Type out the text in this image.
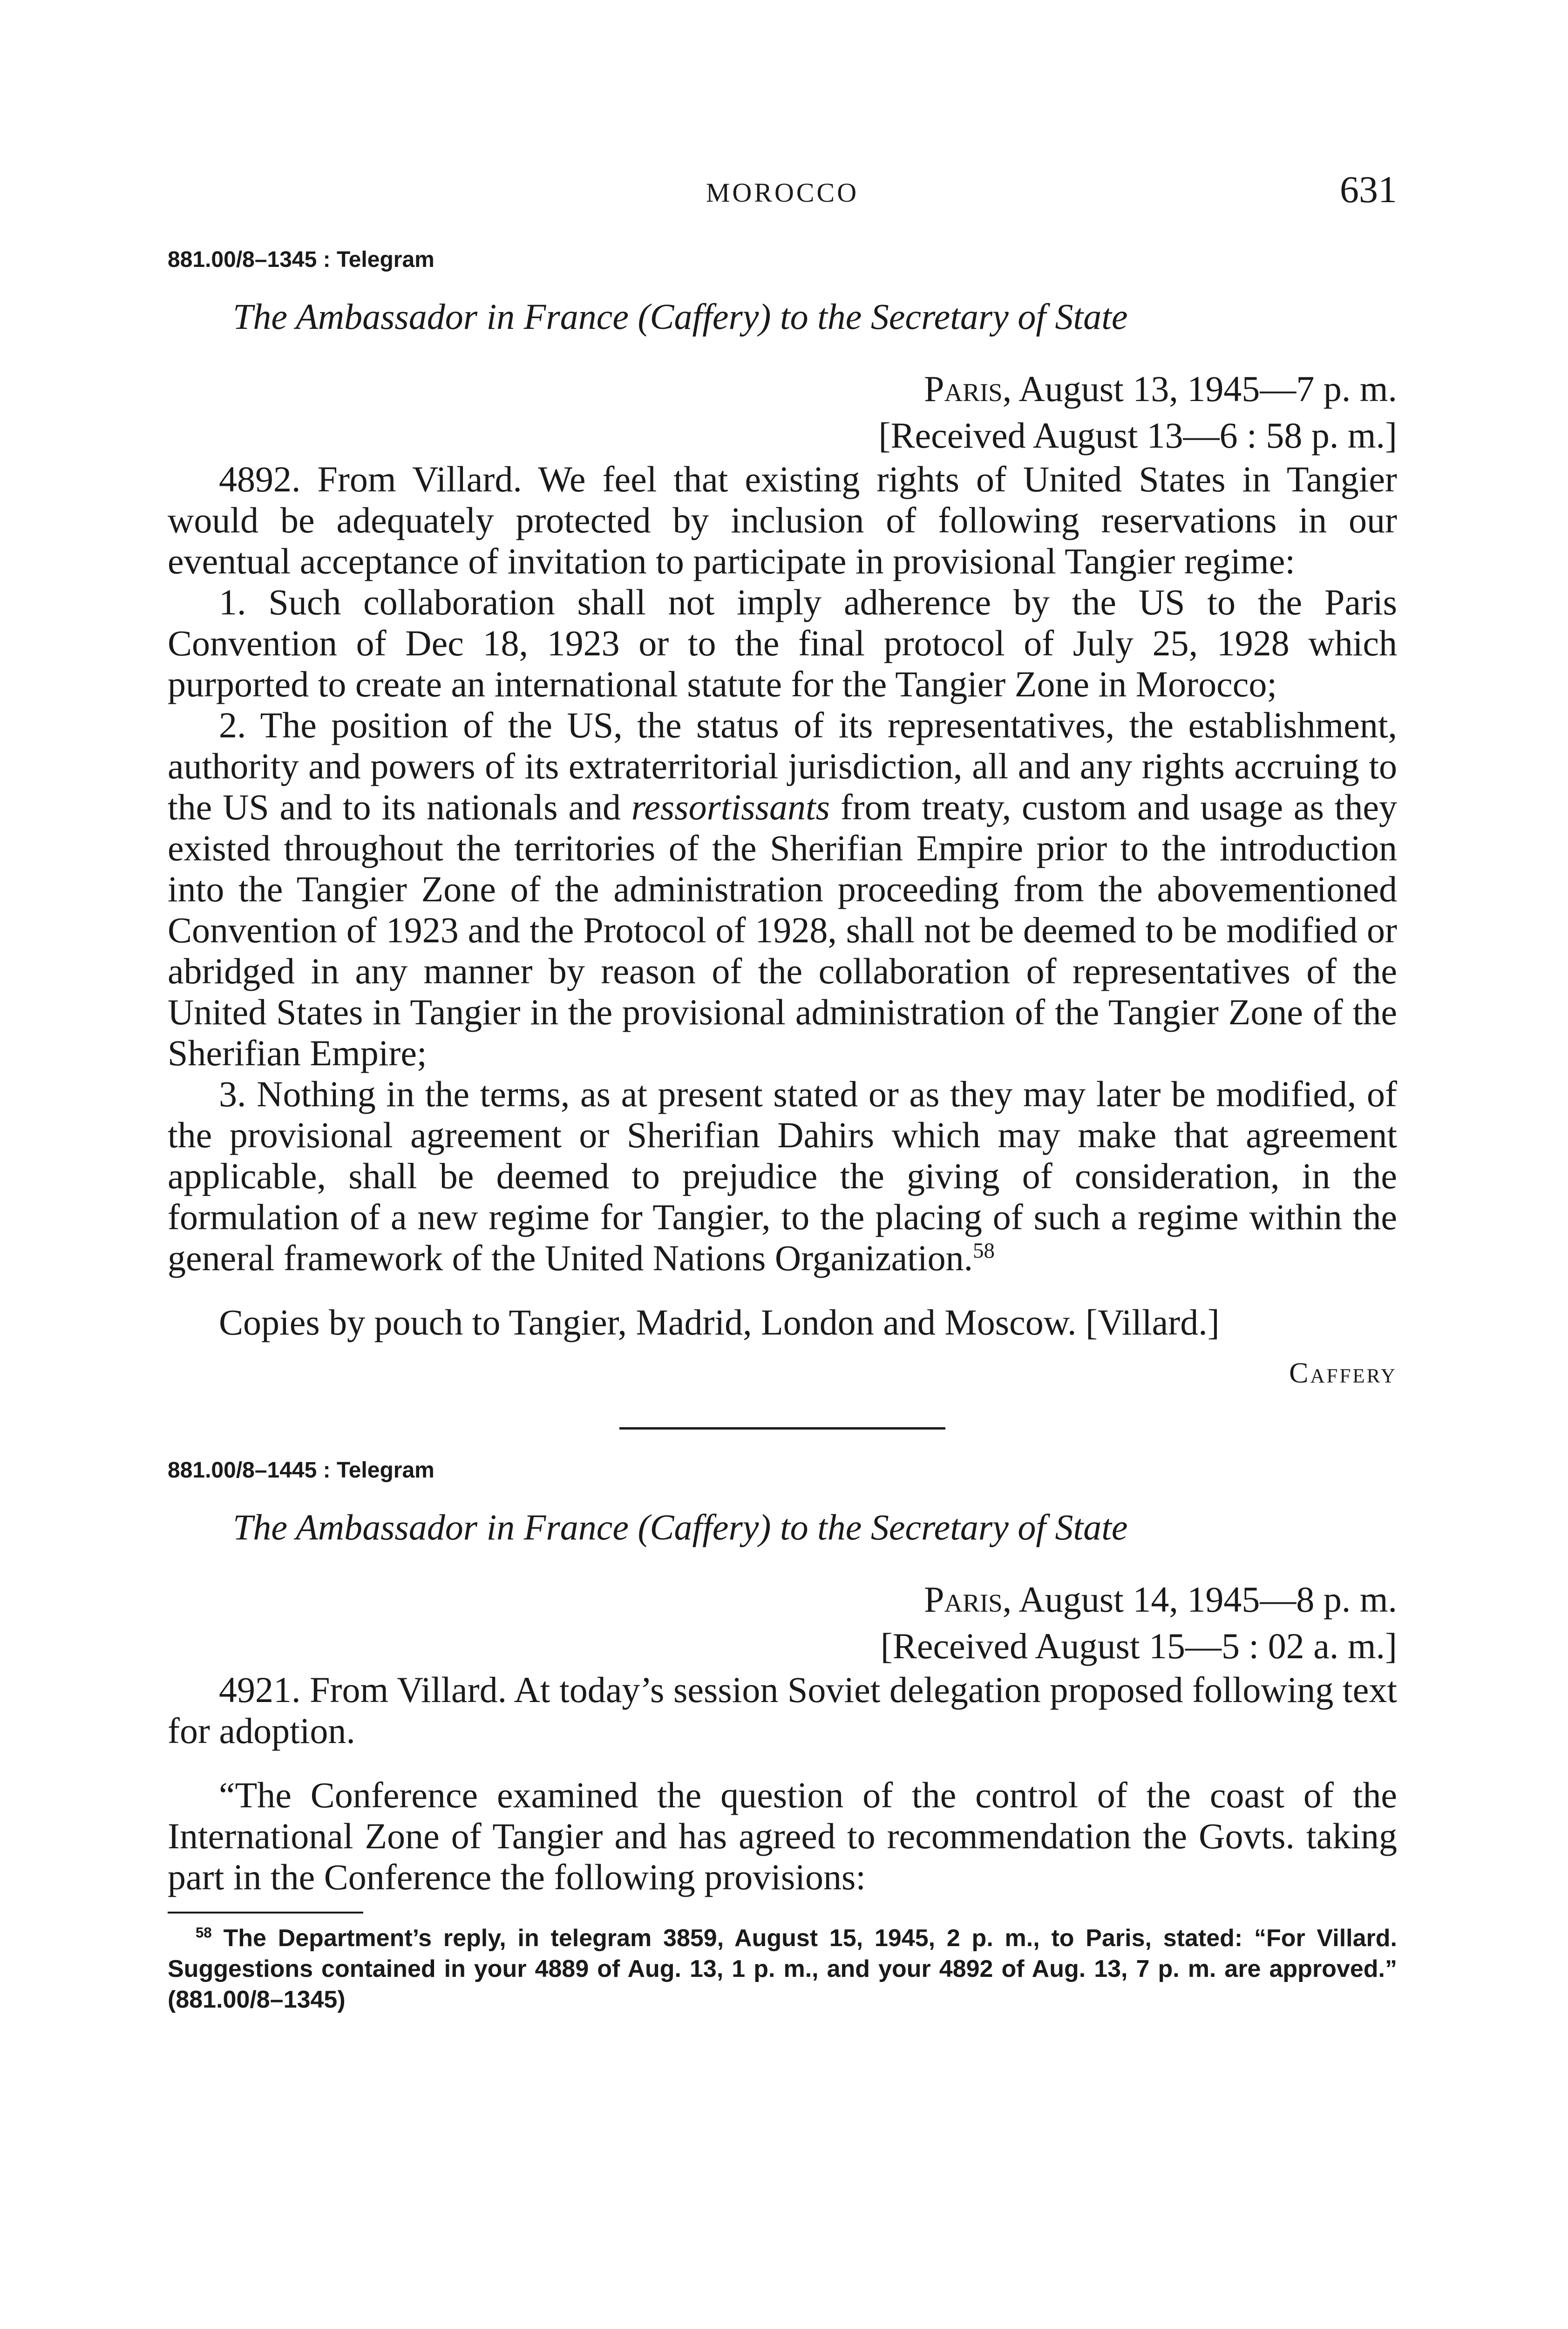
MOROCCO	631
881.00/8–1345 : Telegram
The Ambassador in France (Caffery) to the Secretary of State
Paris, August 13, 1945—7 p. m.
[Received August 13—6 : 58 p. m.]

4892. From Villard. We feel that existing rights of United States in Tangier would be adequately protected by inclusion of following reservations in our eventual acceptance of invitation to participate in provisional Tangier regime:

1. Such collaboration shall not imply adherence by the US to the Paris Convention of Dec 18, 1923 or to the final protocol of July 25, 1928 which purported to create an international statute for the Tangier Zone in Morocco;

2. The position of the US, the status of its representatives, the establishment, authority and powers of its extraterritorial jurisdiction, all and any rights accruing to the US and to its nationals and ressortissants from treaty, custom and usage as they existed throughout the territories of the Sherifian Empire prior to the introduction into the Tangier Zone of the administration proceeding from the abovementioned Convention of 1923 and the Protocol of 1928, shall not be deemed to be modified or abridged in any manner by reason of the collaboration of representatives of the United States in Tangier in the provisional administration of the Tangier Zone of the Sherifian Empire;

3. Nothing in the terms, as at present stated or as they may later be modified, of the provisional agreement or Sherifian Dahirs which may make that agreement applicable, shall be deemed to prejudice the giving of consideration, in the formulation of a new regime for Tangier, to the placing of such a regime within the general framework of the United Nations Organization.$^{58}$

Copies by pouch to Tangier, Madrid, London and Moscow. [Villard.]

Caffery
881.00/8–1445 : Telegram
The Ambassador in France (Caffery) to the Secretary of State
Paris, August 14, 1945—8 p. m.
[Received August 15—5 : 02 a. m.]

4921. From Villard. At today’s session Soviet delegation proposed following text for adoption.

“The Conference examined the question of the control of the coast of the International Zone of Tangier and has agreed to recommendation the Govts. taking part in the Conference the following provisions:

$^{58}$ The Department’s reply, in telegram 3859, August 15, 1945, 2 p. m., to Paris, stated: “For Villard. Suggestions contained in your 4889 of Aug. 13, 1 p. m., and your 4892 of Aug. 13, 7 p. m. are approved.” (881.00/8–1345)
